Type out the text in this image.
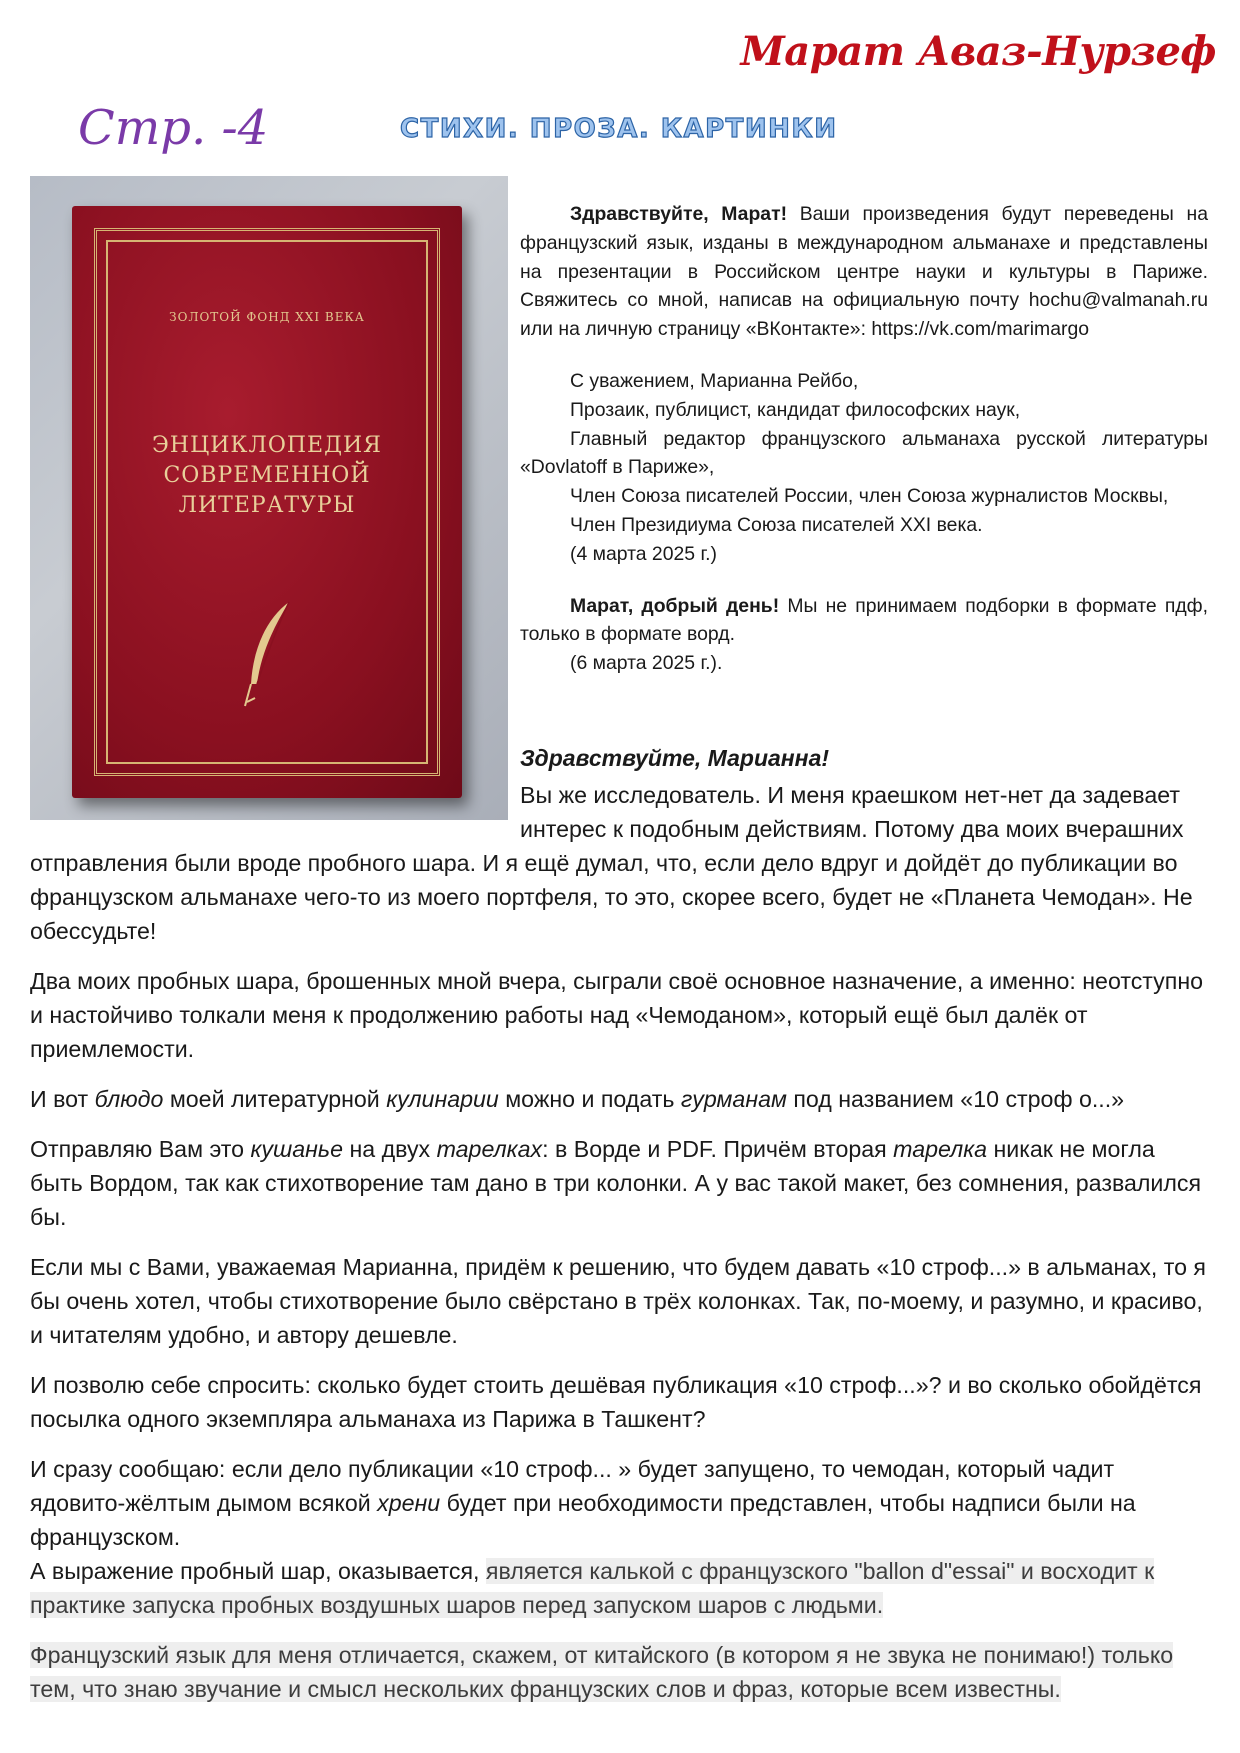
Марат Аваз-Нурзеф
Стр. -4	СТИХИ. ПРОЗА. КАРТИНКИ
ЗОЛОТОЙ ФОНД XXI ВЕКА
ЭНЦИКЛОПЕДИЯ
СОВРЕМЕННОЙ
ЛИТЕРАТУРЫ

Здравствуйте, Марат! Ваши произведения будут переведены на французский язык, изданы в международном альманахе и представлены на презентации в Российском центре науки и культуры в Париже. Свяжитесь со мной, написав на официальную почту hochu@valmanah.ru или на личную страницу «ВКонтакте»: https://vk.com/marimargo

С уважением, Марианна Рейбо,

Прозаик, публицист, кандидат философских наук,

Главный редактор французского альманаха русской литературы «Dovlatoff в Париже»,

Член Союза писателей России, член Союза журналистов Москвы,

Член Президиума Союза писателей XXI века.

(4 марта 2025 г.)

Марат, добрый день! Мы не принимаем подборки в формате пдф, только в формате ворд.

(6 марта 2025 г.).

Здравствуйте, Марианна!

Вы же исследователь. И меня краешком нет-нет да задевает
интерес к подобным действиям. Потому два моих вчерашних

отправления были вроде пробного шара. И я ещё думал, что, если дело вдруг и дойдёт до публикации во французском альманахе чего-то из моего портфеля, то это, скорее всего, будет не «Планета Чемодан». Не обессудьте!

Два моих пробных шара, брошенных мной вчера, сыграли своё основное назначение, а именно: неотступно и настойчиво толкали меня к продолжению работы над «Чемоданом», который ещё был далёк от приемлемости.

И вот блюдо моей литературной кулинарии можно и подать гурманам под названием «10 строф о...»

Отправляю Вам это кушанье на двух тарелках: в Ворде и PDF. Причём вторая тарелка никак не могла быть Вордом, так как стихотворение там дано в три колонки. А у вас такой макет, без сомнения, развалился бы.

Если мы с Вами, уважаемая Марианна, придём к решению, что будем давать «10 строф...» в альманах, то я бы очень хотел, чтобы стихотворение было свёрстано в трёх колонках. Так, по-моему, и разумно, и красиво, и читателям удобно, и автору дешевле.

И позволю себе спросить: сколько будет стоить дешёвая публикация «10 строф...»? и во сколько обойдётся посылка одного экземпляра альманаха из Парижа в Ташкент?

И сразу сообщаю: если дело публикации «10 строф... » будет запущено, то чемодан, который чадит ядовито-жёлтым дымом всякой хрени будет при необходимости представлен, чтобы надписи были на французском.

А выражение пробный шар, оказывается, является калькой с французского "ballon d"essai" и восходит к практике запуска пробных воздушных шаров перед запуском шаров с людьми.

Французский язык для меня отличается, скажем, от китайского (в котором я не звука не понимаю!) только тем, что знаю звучание и смысл нескольких французских слов и фраз, которые всем известны.
